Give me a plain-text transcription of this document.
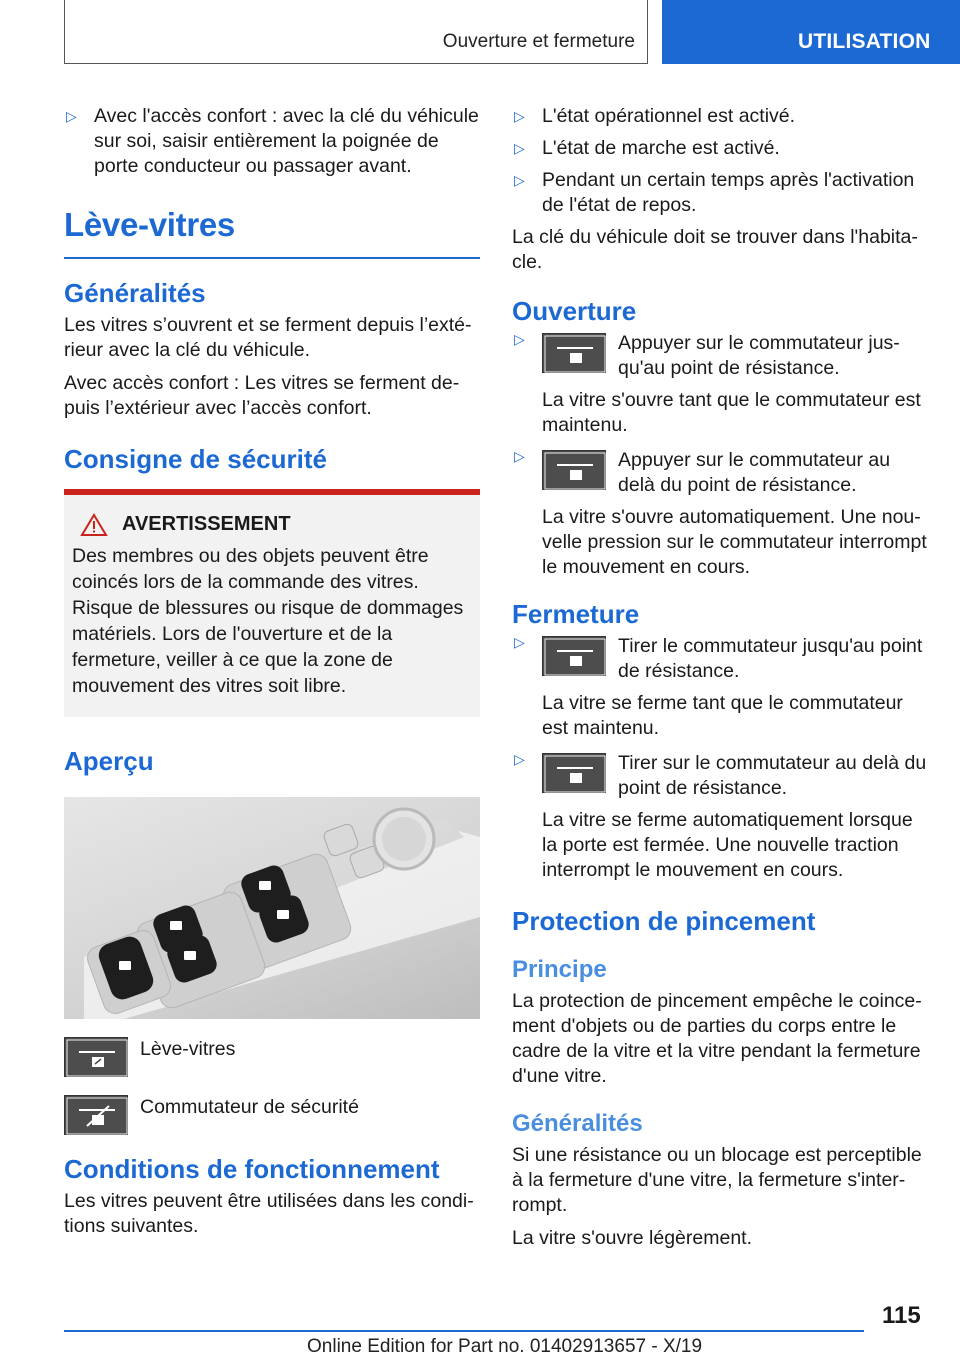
Ouverture et fermeture	UTILISATION
▷ Avec l'accès confort : avec la clé du véhicule sur soi, saisir entièrement la poignée de porte conducteur ou passager avant.
Lève-vitres
Généralités

Les vitres s’ouvrent et se ferment depuis l’extérieur avec la clé du véhicule.

Avec accès confort : Les vitres se ferment depuis l’extérieur avec l’accès confort.

Consigne de sécurité
AVERTISSEMENT

Des membres ou des objets peuvent être coincés lors de la commande des vitres. Risque de blessures ou risque de dommages matériels. Lors de l'ouverture et de la fermeture, veiller à ce que la zone de mouvement des vitres soit libre.

Aperçu
Lève-vitres
Commutateur de sécurité
Conditions de fonctionnement

Les vitres peuvent être utilisées dans les conditions suivantes.

▷ L'état opérationnel est activé.
▷ L'état de marche est activé.
▷ Pendant un certain temps après l'activation de l'état de repos.

La clé du véhicule doit se trouver dans l'habitacle.

Ouverture
▷	Appuyer sur le commutateur jusqu'au point de résistance.

La vitre s'ouvre tant que le commutateur est maintenu.

▷	Appuyer sur le commutateur au delà du point de résistance.

La vitre s'ouvre automatiquement. Une nouvelle pression sur le commutateur interrompt le mouvement en cours.

Fermeture
▷	Tirer le commutateur jusqu'au point de résistance.

La vitre se ferme tant que le commutateur est maintenu.

▷	Tirer sur le commutateur au delà du point de résistance.

La vitre se ferme automatiquement lorsque la porte est fermée. Une nouvelle traction interrompt le mouvement en cours.

Protection de pincement
Principe

La protection de pincement empêche le coincement d'objets ou de parties du corps entre le cadre de la vitre et la vitre pendant la fermeture d'une vitre.

Généralités

Si une résistance ou un blocage est perceptible à la fermeture d'une vitre, la fermeture s'interrompt.

La vitre s'ouvre légèrement.

115
Online Edition for Part no. 01402913657 - X/19
